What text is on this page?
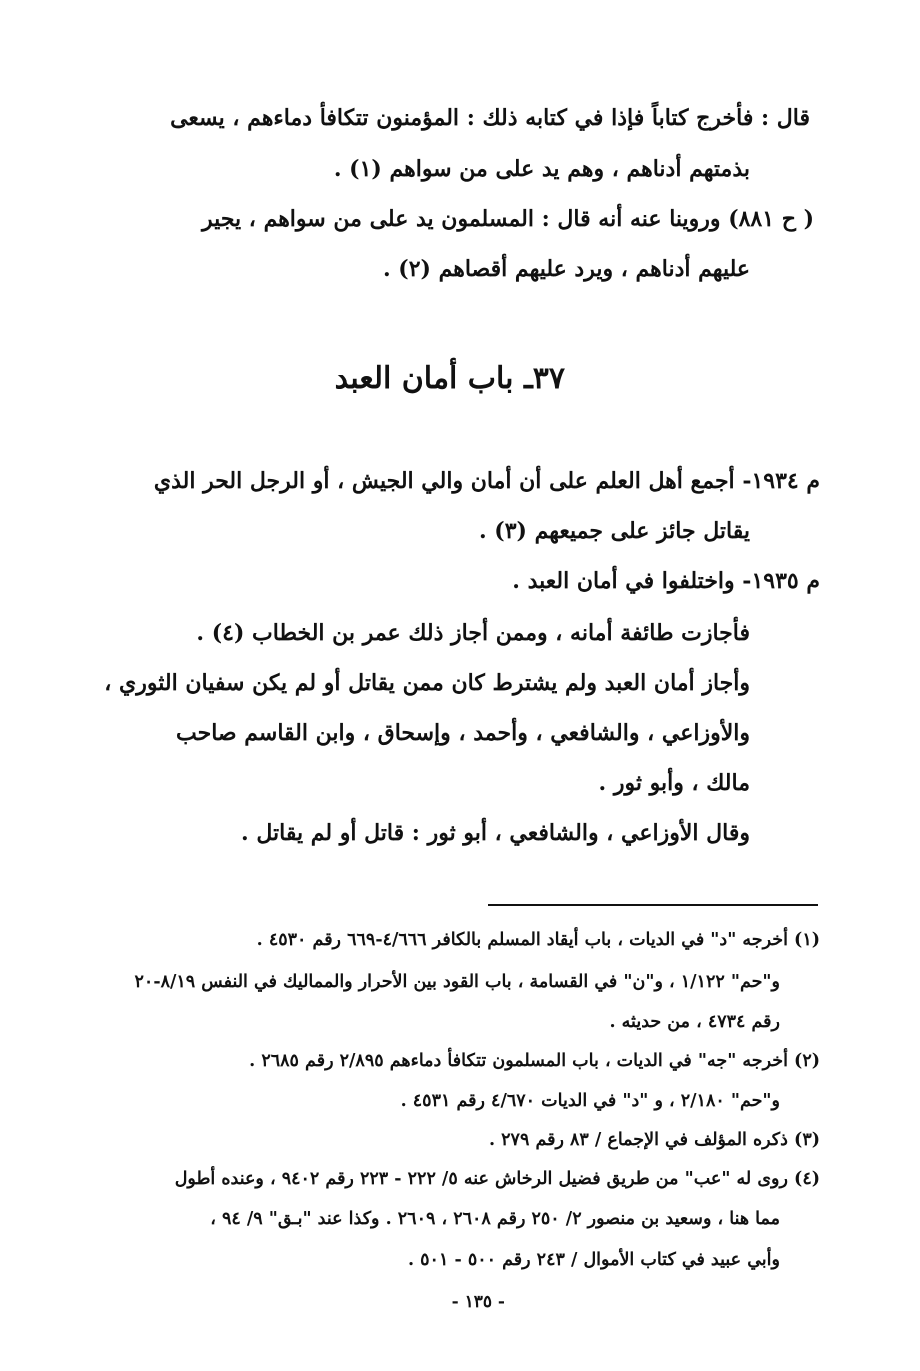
قال : فأخرج كتاباً فإذا في كتابه ذلك : المؤمنون تتكافأ دماءهم ، يسعى
بذمتهم أدناهم ، وهم يد على من سواهم (١) .
( ح ٨٨١) وروينا عنه أنه قال : المسلمون يد على من سواهم ، يجير
عليهم أدناهم ، ويرد عليهم أقصاهم (٢) .
٣٧ـ باب أمان العبد
م ١٩٣٤- أجمع أهل العلم على أن أمان والي الجيش ، أو الرجل الحر الذي
يقاتل جائز على جميعهم (٣) .
م ١٩٣٥- واختلفوا في أمان العبد .
فأجازت طائفة أمانه ، وممن أجاز ذلك عمر بن الخطاب (٤) .
وأجاز أمان العبد ولم يشترط كان ممن يقاتل أو لم يكن سفيان الثوري ،
والأوزاعي ، والشافعي ، وأحمد ، وإسحاق ، وابن القاسم صاحب
مالك ، وأبو ثور .
وقال الأوزاعي ، والشافعي ، أبو ثور : قاتل أو لم يقاتل .
(١) أخرجه "د" في الديات ، باب أيقاد المسلم بالكافر ٤/٦٦٦-٦٦٩ رقم ٤٥٣٠ .
و"حم" ١/١٢٢ ، و"ن" في القسامة ، باب القود بين الأحرار والمماليك في النفس ٨/١٩-٢٠
رقم ٤٧٣٤ ، من حديثه .
(٢) أخرجه "جه" في الديات ، باب المسلمون تتكافأ دماءهم ٢/٨٩٥ رقم ٢٦٨٥ .
و"حم" ٢/١٨٠ ، و "د" في الديات ٤/٦٧٠ رقم ٤٥٣١ .
(٣) ذكره المؤلف في الإجماع / ٨٣ رقم ٢٧٩ .
(٤) روى له "عب" من طريق فضيل الرخاش عنه ٥/ ٢٢٢ - ٢٢٣ رقم ٩٤٠٢ ، وعنده أطول
مما هنا ، وسعيد بن منصور ٢/ ٢٥٠ رقم ٢٦٠٨ ، ٢٦٠٩ . وكذا عند "بـق" ٩/ ٩٤ ،
وأبي عبيد في كتاب الأموال / ٢٤٣ رقم ٥٠٠ - ٥٠١ .
- ١٣٥ -
